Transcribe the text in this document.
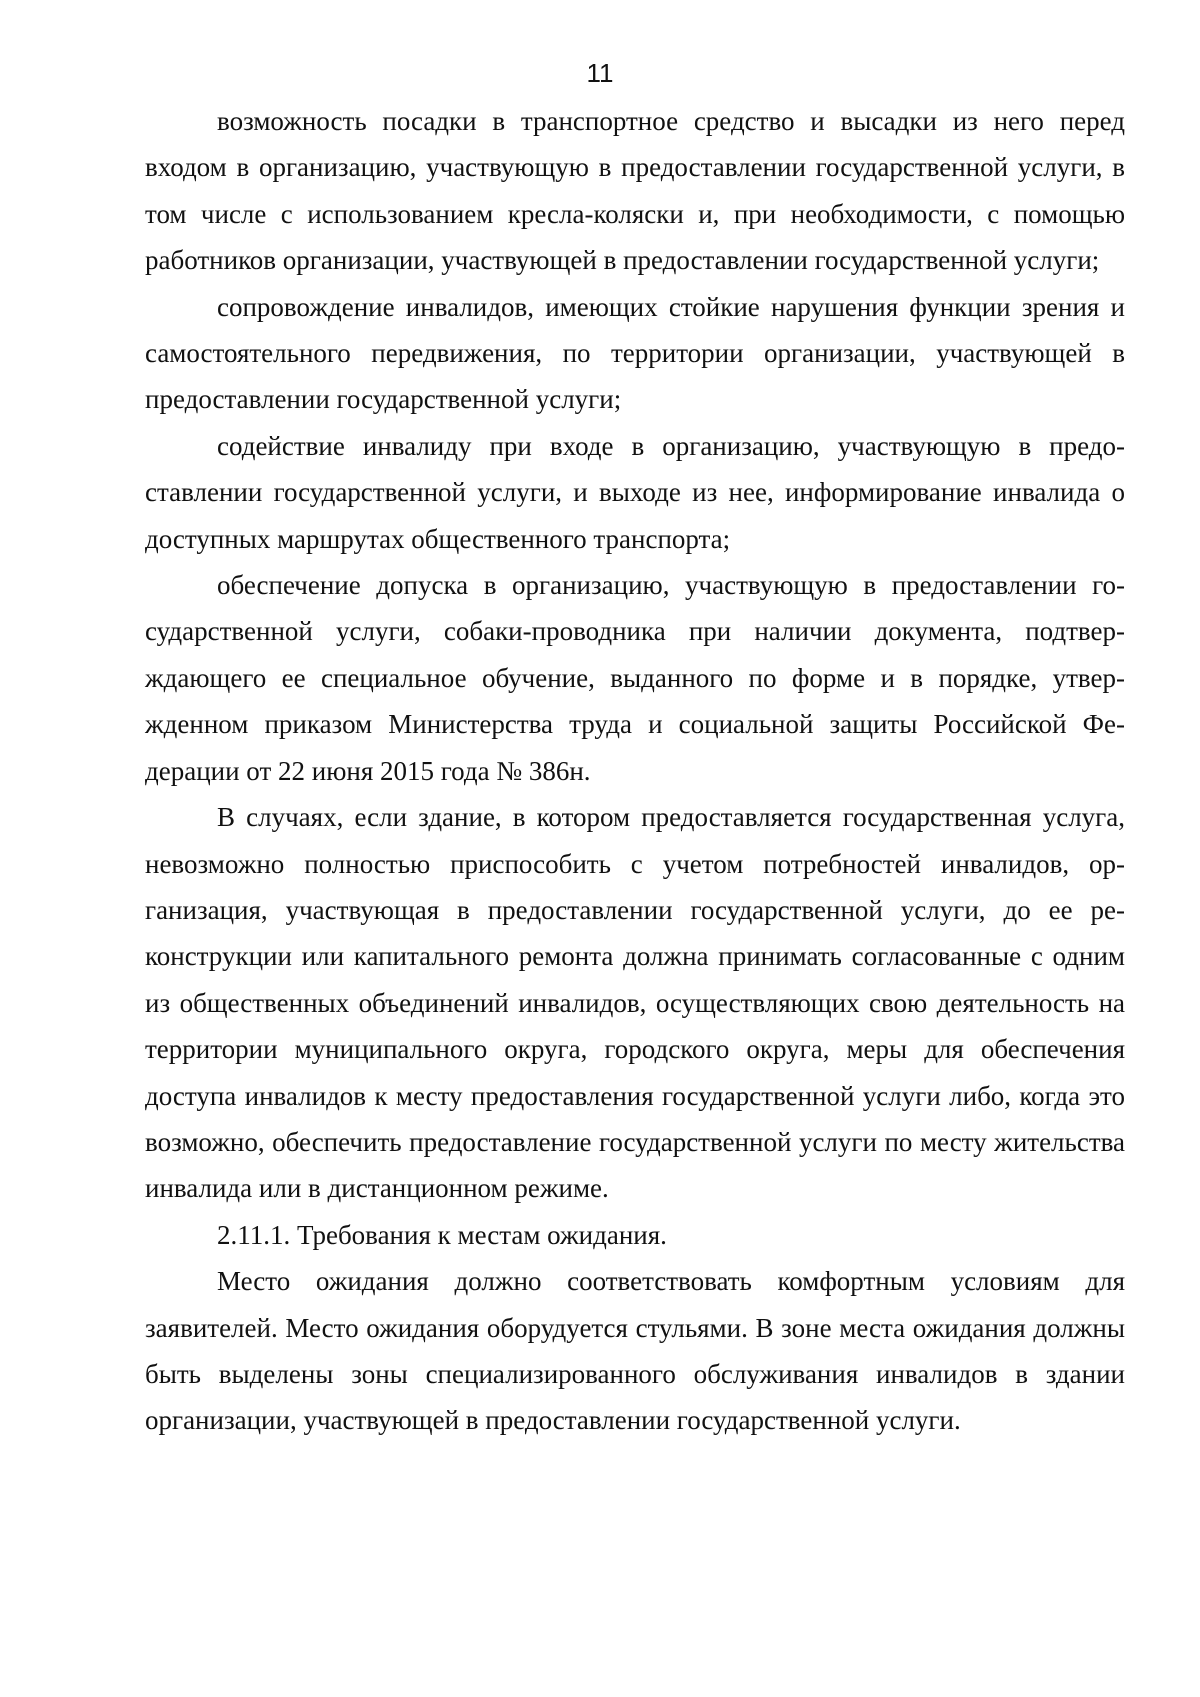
11

возможность посадки в транспортное средство и высадки из него перед входом в организацию, участвующую в предоставлении государственной услуги, в том числе с использованием кресла-коляски и, при необходимости, с помощью работников организации, участвующей в предоставлении государственной услуги;

сопровождение инвалидов, имеющих стойкие нарушения функции зрения и самостоятельного передвижения, по территории организации, участвующей в предоставлении государственной услуги;

содействие инвалиду при входе в организацию, участвующую в предоставлении государственной услуги, и выходе из нее, информирование инвалида о доступных маршрутах общественного транспорта;

обеспечение допуска в организацию, участвующую в предоставлении государственной услуги, собаки-проводника при наличии документа, подтверждающего ее специальное обучение, выданного по форме и в порядке, утвержденном приказом Министерства труда и социальной защиты Российской Федерации от 22 июня 2015 года № 386н.

В случаях, если здание, в котором предоставляется государственная услуга, невозможно полностью приспособить с учетом потребностей инвалидов, организация, участвующая в предоставлении государственной услуги, до ее реконструкции или капитального ремонта должна принимать согласованные с одним из общественных объединений инвалидов, осуществляющих свою деятельность на территории муниципального округа, городского округа, меры для обеспечения доступа инвалидов к месту предоставления государственной услуги либо, когда это возможно, обеспечить предоставление государственной услуги по месту жительства инвалида или в дистанционном режиме.

2.11.1. Требования к местам ожидания.

Место ожидания должно соответствовать комфортным условиям для заявителей. Место ожидания оборудуется стульями. В зоне места ожидания должны быть выделены зоны специализированного обслуживания инвалидов в здании организации, участвующей в предоставлении государственной услуги.
